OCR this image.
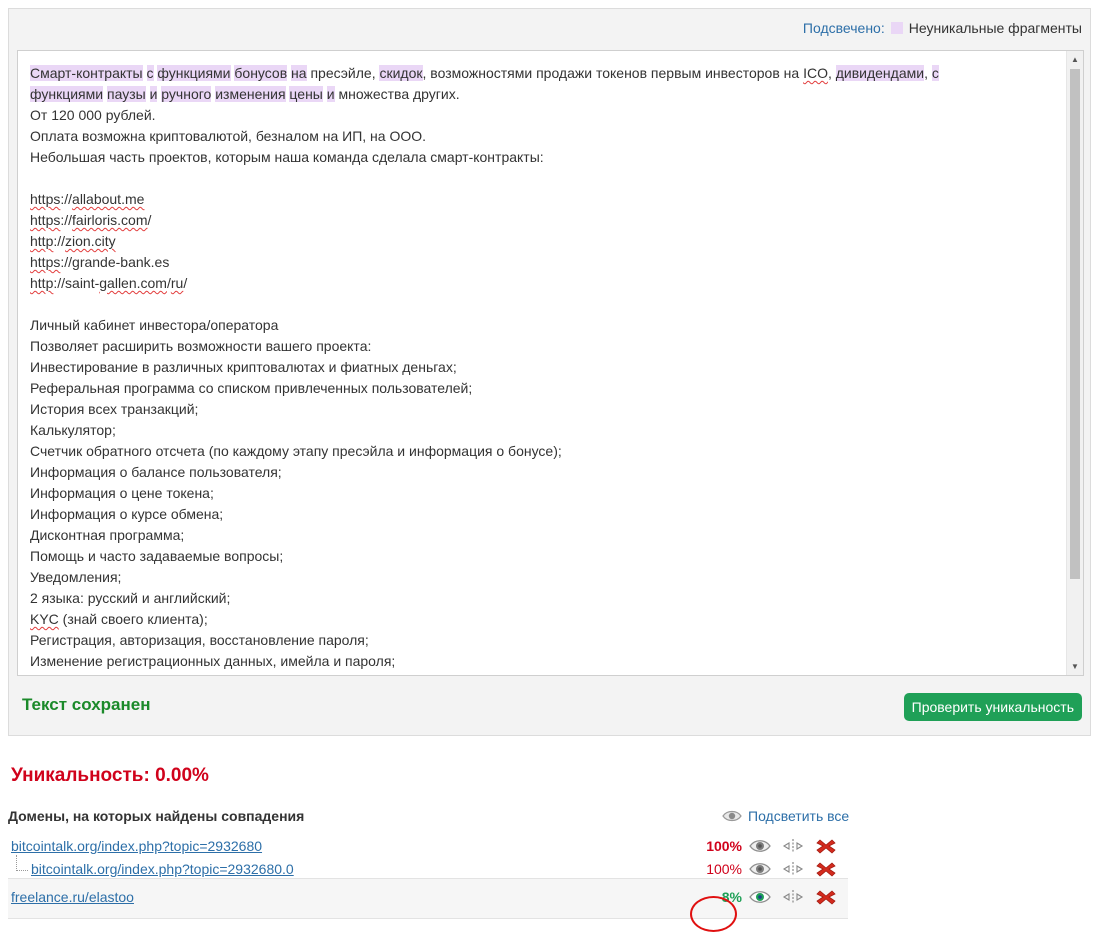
Подсвечено: Неуникальные фрагменты
Смарт-контракты с функциями бонусов на пресэйле, скидок, возможностями продажи токенов первым инвесторов на ICO, дивидендами, с
функциями паузы и ручного изменения цены и множества других.
От 120 000 рублей.
Оплата возможна криптовалютой, безналом на ИП, на ООО.
Небольшая часть проектов, которым наша команда сделала смарт-контракты:
https://allabout.me
https://fairloris.com/
http://zion.city
https://grande-bank.es
http://saint-gallen.com/ru/
Личный кабинет инвестора/оператора
Позволяет расширить возможности вашего проекта:
Инвестирование в различных криптовалютах и фиатных деньгах;
Реферальная программа со списком привлеченных пользователей;
История всех транзакций;
Калькулятор;
Счетчик обратного отсчета (по каждому этапу пресэйла и информация о бонусе);
Информация о балансе пользователя;
Информация о цене токена;
Информация о курсе обмена;
Дисконтная программа;
Помощь и часто задаваемые вопросы;
Уведомления;
2 языка: русский и английский;
KYC (знай своего клиента);
Регистрация, авторизация, восстановление пароля;
Изменение регистрационных данных, имейла и пароля;
▲
▼
Текст сохранен	Проверить уникальность
Уникальность: 0.00%
Домены, на которых найдены совпадения	Подсветить все
bitcointalk.org/index.php?topic=2932680	100%
bitcointalk.org/index.php?topic=2932680.0	100%
freelance.ru/elastoo	8%
